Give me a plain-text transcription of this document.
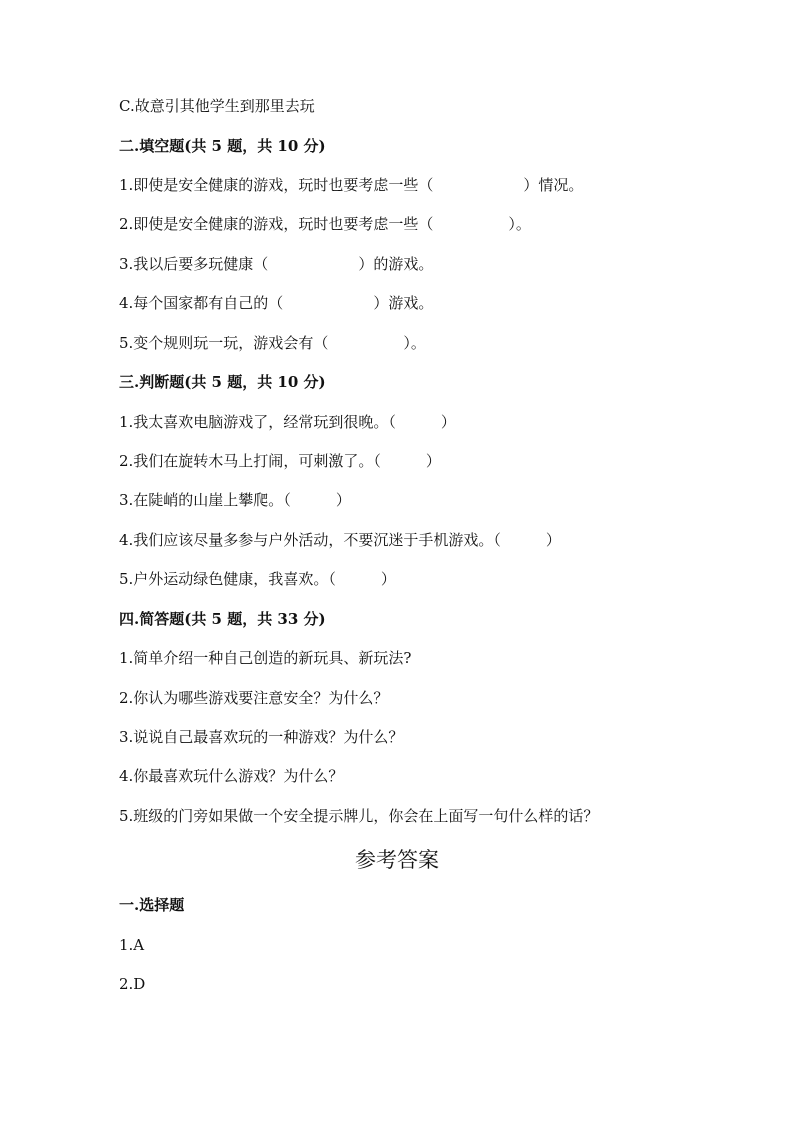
C.故意引其他学生到那里去玩
二.填空题(共 5 题，共 10 分)
1.即使是安全健康的游戏，玩时也要考虑一些（　　　　　　）情况。
2.即使是安全健康的游戏，玩时也要考虑一些（　　　　　）。
3.我以后要多玩健康（　　　　　　）的游戏。
4.每个国家都有自己的（　　　　　　）游戏。
5.变个规则玩一玩，游戏会有（　　　　　）。
三.判断题(共 5 题，共 10 分)
1.我太喜欢电脑游戏了，经常玩到很晚。（　　　）
2.我们在旋转木马上打闹，可刺激了。（　　　）
3.在陡峭的山崖上攀爬。（　　　）
4.我们应该尽量多参与户外活动，不要沉迷于手机游戏。（　　　）
5.户外运动绿色健康，我喜欢。（　　　）
四.简答题(共 5 题，共 33 分)
1.简单介绍一种自己创造的新玩具、新玩法?
2.你认为哪些游戏要注意安全？为什么？
3.说说自己最喜欢玩的一种游戏？为什么？
4.你最喜欢玩什么游戏？为什么？
5.班级的门旁如果做一个安全提示牌儿，你会在上面写一句什么样的话？
参考答案
一.选择题
1.A
2.D
